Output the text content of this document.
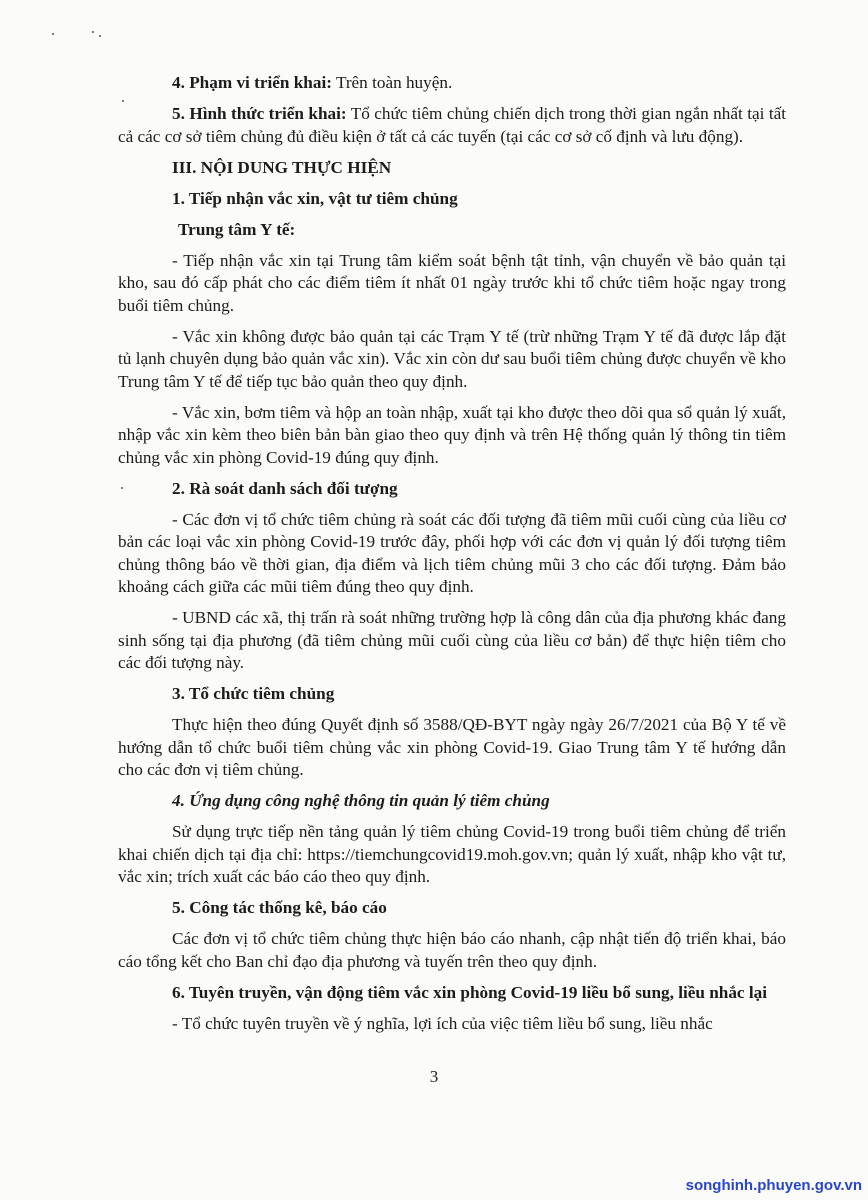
4. Phạm vi triển khai: Trên toàn huyện.

5. Hình thức triển khai: Tổ chức tiêm chủng chiến dịch trong thời gian ngắn nhất tại tất cả các cơ sở tiêm chủng đủ điều kiện ở tất cả các tuyến (tại các cơ sở cố định và lưu động).

III. NỘI DUNG THỰC HIỆN

1. Tiếp nhận vắc xin, vật tư tiêm chủng

Trung tâm Y tế:

- Tiếp nhận vắc xin tại Trung tâm kiểm soát bệnh tật tỉnh, vận chuyển về bảo quản tại kho, sau đó cấp phát cho các điểm tiêm ít nhất 01 ngày trước khi tổ chức tiêm hoặc ngay trong buổi tiêm chủng.

- Vắc xin không được bảo quản tại các Trạm Y tế (trừ những Trạm Y tế đã được lắp đặt tủ lạnh chuyên dụng bảo quản vắc xin). Vắc xin còn dư sau buổi tiêm chủng được chuyển về kho Trung tâm Y tế để tiếp tục bảo quản theo quy định.

- Vắc xin, bơm tiêm và hộp an toàn nhập, xuất tại kho được theo dõi qua sổ quản lý xuất, nhập vắc xin kèm theo biên bản bàn giao theo quy định và trên Hệ thống quản lý thông tin tiêm chủng vắc xin phòng Covid-19 đúng quy định.

2. Rà soát danh sách đối tượng

- Các đơn vị tổ chức tiêm chủng rà soát các đối tượng đã tiêm mũi cuối cùng của liều cơ bản các loại vắc xin phòng Covid-19 trước đây, phối hợp với các đơn vị quản lý đối tượng tiêm chủng thông báo về thời gian, địa điểm và lịch tiêm chủng mũi 3 cho các đối tượng. Đảm bảo khoảng cách giữa các mũi tiêm đúng theo quy định.

- UBND các xã, thị trấn rà soát những trường hợp là công dân của địa phương khác đang sinh sống tại địa phương (đã tiêm chủng mũi cuối cùng của liều cơ bản) để thực hiện tiêm cho các đối tượng này.

3. Tổ chức tiêm chủng

Thực hiện theo đúng Quyết định số 3588/QĐ-BYT ngày ngày 26/7/2021 của Bộ Y tế về hướng dẫn tổ chức buổi tiêm chủng vắc xin phòng Covid-19. Giao Trung tâm Y tế hướng dẫn cho các đơn vị tiêm chủng.

4. Ứng dụng công nghệ thông tin quản lý tiêm chủng

Sử dụng trực tiếp nền tảng quản lý tiêm chủng Covid-19 trong buổi tiêm chủng để triển khai chiến dịch tại địa chỉ: https://tiemchungcovid19.moh.gov.vn; quản lý xuất, nhập kho vật tư, vắc xin; trích xuất các báo cáo theo quy định.

5. Công tác thống kê, báo cáo

Các đơn vị tổ chức tiêm chủng thực hiện báo cáo nhanh, cập nhật tiến độ triển khai, báo cáo tổng kết cho Ban chỉ đạo địa phương và tuyến trên theo quy định.

6. Tuyên truyền, vận động tiêm vắc xin phòng Covid-19 liều bổ sung, liều nhắc lại

- Tổ chức tuyên truyền về ý nghĩa, lợi ích của việc tiêm liều bổ sung, liều nhắc

3
songhinh.phuyen.gov.vn
